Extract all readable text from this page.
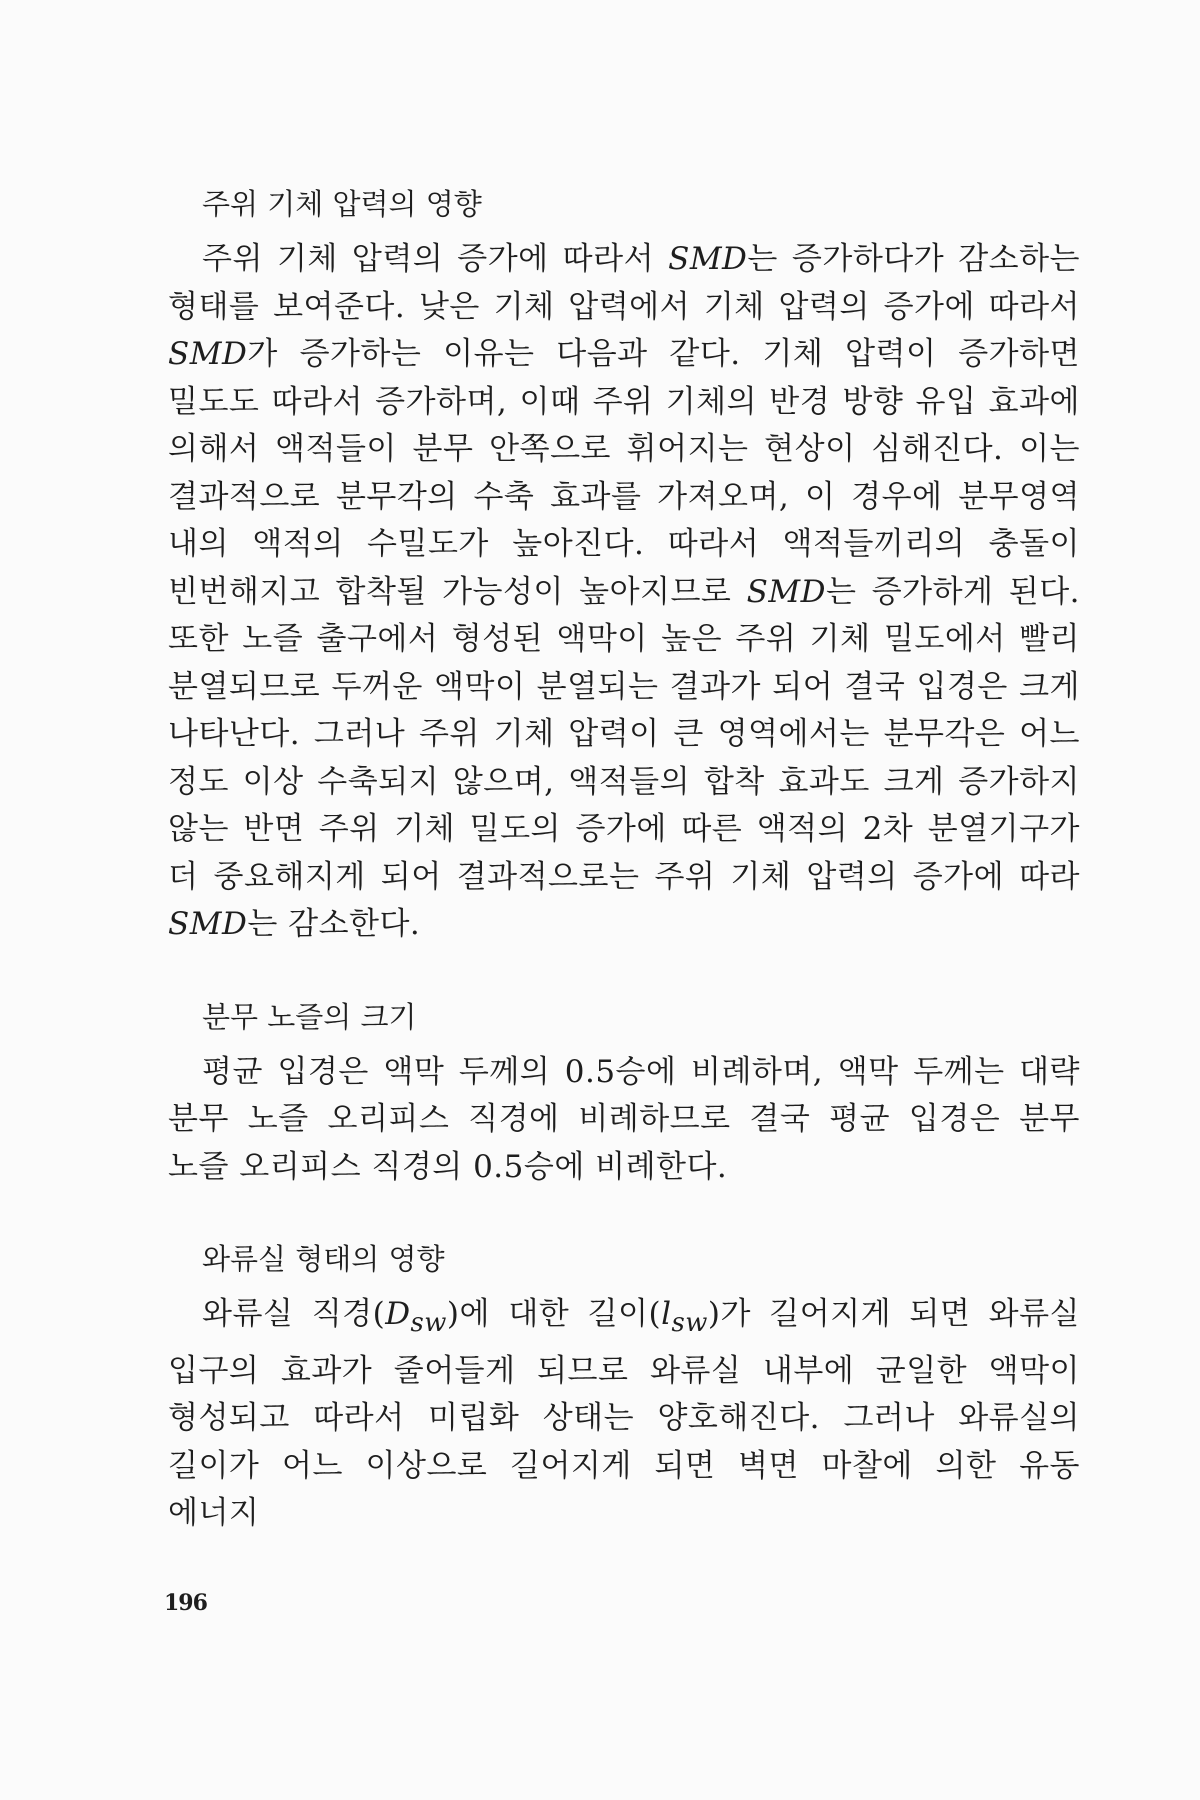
주위 기체 압력의 영향

주위 기체 압력의 증가에 따라서 SMD는 증가하다가 감소하는 형태를 보여준다. 낮은 기체 압력에서 기체 압력의 증가에 따라서 SMD가 증가하는 이유는 다음과 같다. 기체 압력이 증가하면 밀도도 따라서 증가하며, 이때 주위 기체의 반경 방향 유입 효과에 의해서 액적들이 분무 안쪽으로 휘어지는 현상이 심해진다. 이는 결과적으로 분무각의 수축 효과를 가져오며, 이 경우에 분무영역 내의 액적의 수밀도가 높아진다. 따라서 액적들끼리의 충돌이 빈번해지고 합착될 가능성이 높아지므로 SMD는 증가하게 된다. 또한 노즐 출구에서 형성된 액막이 높은 주위 기체 밀도에서 빨리 분열되므로 두꺼운 액막이 분열되는 결과가 되어 결국 입경은 크게 나타난다. 그러나 주위 기체 압력이 큰 영역에서는 분무각은 어느 정도 이상 수축되지 않으며, 액적들의 합착 효과도 크게 증가하지 않는 반면 주위 기체 밀도의 증가에 따른 액적의 2차 분열기구가 더 중요해지게 되어 결과적으로는 주위 기체 압력의 증가에 따라 SMD는 감소한다.

분무 노즐의 크기

평균 입경은 액막 두께의 0.5승에 비례하며, 액막 두께는 대략 분무 노즐 오리피스 직경에 비례하므로 결국 평균 입경은 분무 노즐 오리피스 직경의 0.5승에 비례한다.

와류실 형태의 영향

와류실 직경$(D_{sw})$에 대한 길이$(l_{sw})$가 길어지게 되면 와류실 입구의 효과가 줄어들게 되므로 와류실 내부에 균일한 액막이 형성되고 따라서 미립화 상태는 양호해진다. 그러나 와류실의 길이가 어느 이상으로 길어지게 되면 벽면 마찰에 의한 유동 에너지

196
